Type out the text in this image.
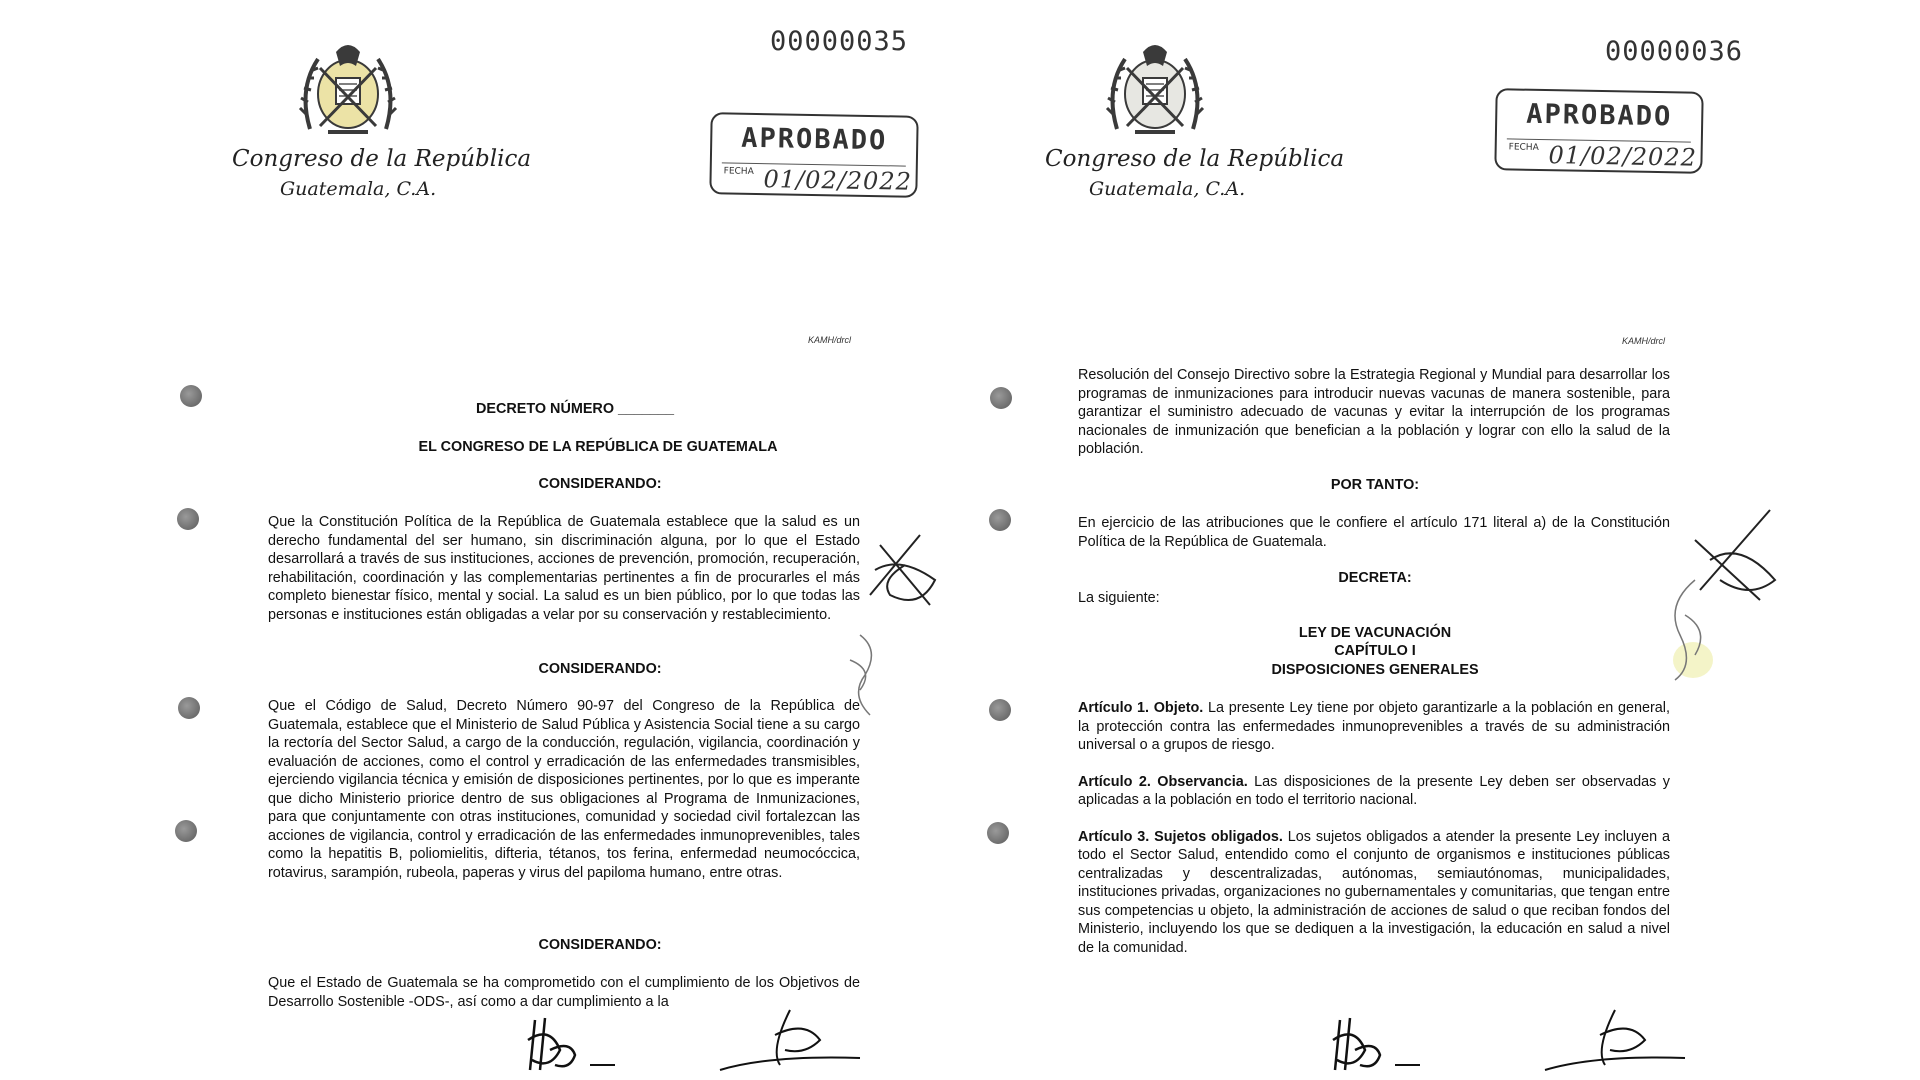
Congreso de la República
Guatemala, C.A.
00000035
APROBADO
FECHA 01/02/2022
KAMH/drcl
DECRETO NÚMERO _______
EL CONGRESO DE LA REPÚBLICA DE GUATEMALA
CONSIDERANDO:
Que la Constitución Política de la República de Guatemala establece que la salud es un derecho fundamental del ser humano, sin discriminación alguna, por lo que el Estado desarrollará a través de sus instituciones, acciones de prevención, promoción, recuperación, rehabilitación, coordinación y las complementarias pertinentes a fin de procurarles el más completo bienestar físico, mental y social. La salud es un bien público, por lo que todas las personas e instituciones están obligadas a velar por su conservación y restablecimiento.
CONSIDERANDO:
Que el Código de Salud, Decreto Número 90-97 del Congreso de la República de Guatemala, establece que el Ministerio de Salud Pública y Asistencia Social tiene a su cargo la rectoría del Sector Salud, a cargo de la conducción, regulación, vigilancia, coordinación y evaluación de acciones, como el control y erradicación de las enfermedades transmisibles, ejerciendo vigilancia técnica y emisión de disposiciones pertinentes, por lo que es imperante que dicho Ministerio priorice dentro de sus obligaciones al Programa de Inmunizaciones, para que conjuntamente con otras instituciones, comunidad y sociedad civil fortalezcan las acciones de vigilancia, control y erradicación de las enfermedades inmunoprevenibles, tales como la hepatitis B, poliomielitis, difteria, tétanos, tos ferina, enfermedad neumocóccica, rotavirus, sarampión, rubeola, paperas y virus del papiloma humano, entre otras.
CONSIDERANDO:
Que el Estado de Guatemala se ha comprometido con el cumplimiento de los Objetivos de Desarrollo Sostenible -ODS-, así como a dar cumplimiento a la
Congreso de la República
Guatemala, C.A.
00000036
APROBADO
FECHA 01/02/2022
KAMH/drcl
Resolución del Consejo Directivo sobre la Estrategia Regional y Mundial para desarrollar los programas de inmunizaciones para introducir nuevas vacunas de manera sostenible, para garantizar el suministro adecuado de vacunas y evitar la interrupción de los programas nacionales de inmunización que benefician a la población y lograr con ello la salud de la población.
POR TANTO:
En ejercicio de las atribuciones que le confiere el artículo 171 literal a) de la Constitución Política de la República de Guatemala.
DECRETA:
La siguiente:
LEY DE VACUNACIÓN
CAPÍTULO I
DISPOSICIONES GENERALES

Artículo 1. Objeto. La presente Ley tiene por objeto garantizarle a la población en general, la protección contra las enfermedades inmunoprevenibles a través de su administración universal o a grupos de riesgo.

Artículo 2. Observancia. Las disposiciones de la presente Ley deben ser observadas y aplicadas a la población en todo el territorio nacional.

Artículo 3. Sujetos obligados. Los sujetos obligados a atender la presente Ley incluyen a todo el Sector Salud, entendido como el conjunto de organismos e instituciones públicas centralizadas y descentralizadas, autónomas, semiautónomas, municipalidades, instituciones privadas, organizaciones no gubernamentales y comunitarias, que tengan entre sus competencias u objeto, la administración de acciones de salud o que reciban fondos del Ministerio, incluyendo los que se dediquen a la investigación, la educación en salud a nivel de la comunidad.
